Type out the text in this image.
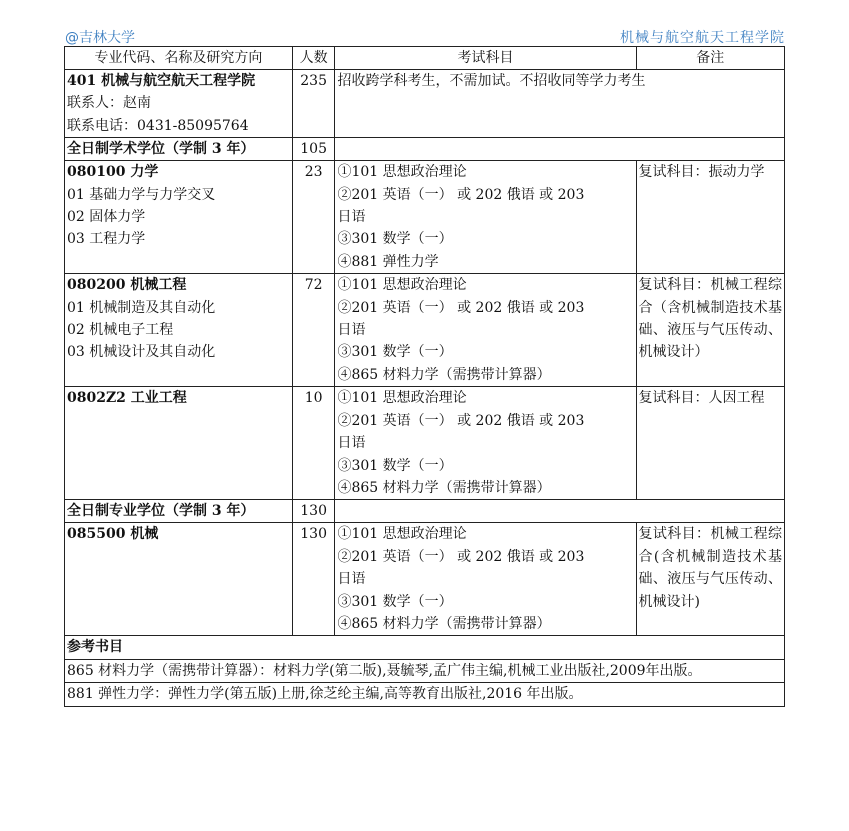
@吉林大学	机械与航空航天工程学院
专业代码、名称及研究方向	人数	考试科目	备注

401 机械与航空航天工程学院
联系人：赵南
联系电话：0431-85095764	235	招收跨学科考生，不需加试。不招收同等学力考生	
全日制学术学位（学制 3 年）	105		

080100 力学
01 基础力学与力学交叉
02 固体力学
03 工程力学	23	①101 思想政治理论
②201 英语（一） 或 202 俄语 或 203
日语
③301 数学（一）
④881 弹性力学	复试科目：振动力学

080200 机械工程
01 机械制造及其自动化
02 机械电子工程
03 机械设计及其自动化	72	①101 思想政治理论
②201 英语（一） 或 202 俄语 或 203
日语
③301 数学（一）
④865 材料力学（需携带计算器）	复试科目：机械工程综合（含机械制造技术基础、液压与气压传动、机械设计）

0802Z2 工业工程	10	①101 思想政治理论
②201 英语（一） 或 202 俄语 或 203
日语
③301 数学（一）
④865 材料力学（需携带计算器）	复试科目：人因工程

全日制专业学位（学制 3 年）	130		

085500 机械	130	①101 思想政治理论
②201 英语（一） 或 202 俄语 或 203
日语
③301 数学（一）
④865 材料力学（需携带计算器）	复试科目：机械工程综合(含机械制造技术基础、液压与气压传动、机械设计)

参考书目			

865 材料力学（需携带计算器）：材料力学(第二版),聂毓琴,孟广伟主编,机械工业出版社,2009年出版。			

881 弹性力学：弹性力学(第五版)上册,徐芝纶主编,高等教育出版社,2016 年出版。			
